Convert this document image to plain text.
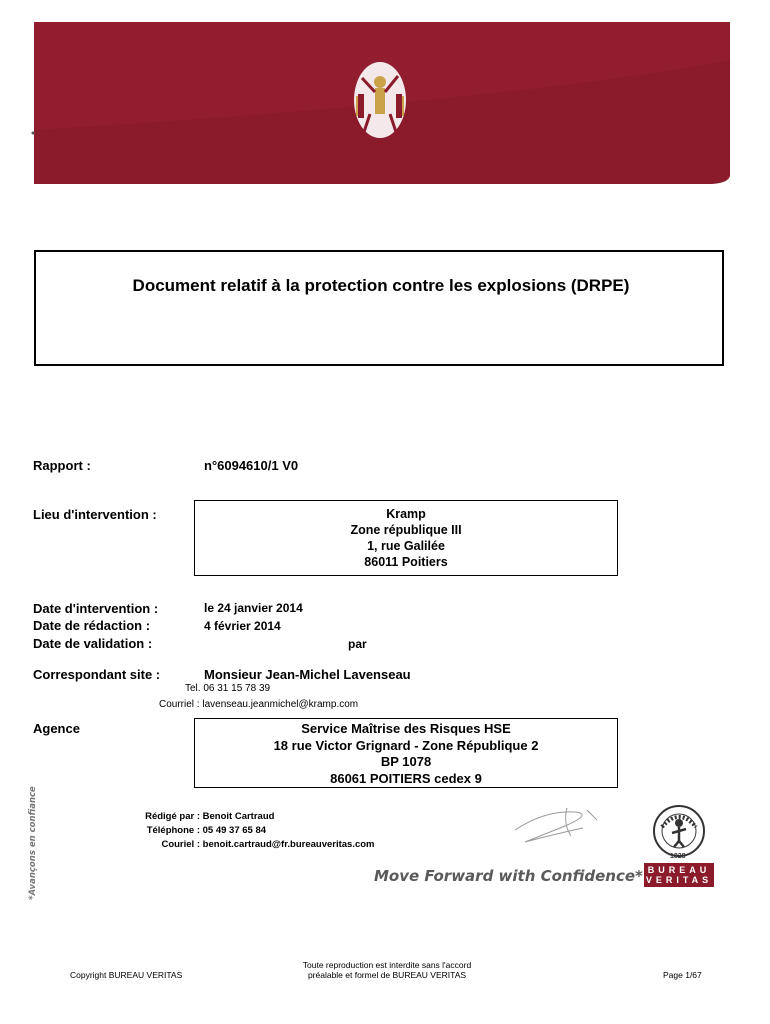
Document relatif à la protection contre les explosions (DRPE)
Rapport :	n°6094610/1 V0
Lieu d'intervention :	Kramp
Zone république III
1, rue Galilée
86011 Poitiers
Date d'intervention :	le 24 janvier 2014
Date de rédaction :	4 février 2014
Date de validation :	par
Correspondant site :	Monsieur Jean-Michel Lavenseau
Tel. 06 31 15 78 39
Courriel : lavenseau.jeanmichel@kramp.com
Agence	Service Maîtrise des Risques HSE
18 rue Victor Grignard - Zone République 2
BP 1078
86061 POITIERS cedex 9
*Avançons en confiance	Rédigé par : Benoit Cartraud
Téléphone : 05 49 37 65 84
Couriel : benoit.cartraud@fr.bureauveritas.com
Move Forward with Confidence*
1828
BUREAU
VERITAS
Copyright BUREAU VERITAS
Toute reproduction est interdite sans l'accord
préalable et formel de BUREAU VERITAS	Page 1/67
